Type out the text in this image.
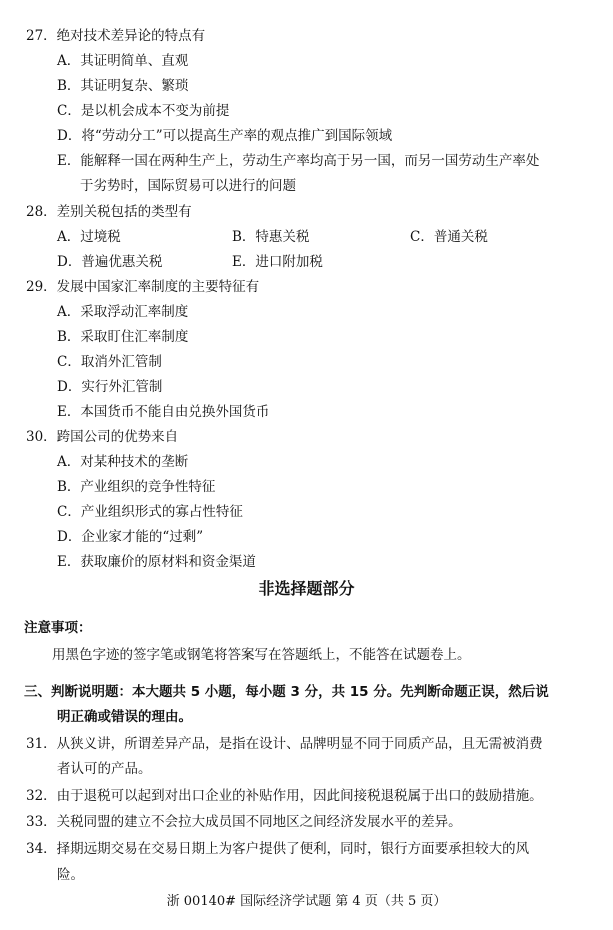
27．绝对技术差异论的特点有
A．其证明简单、直观
B．其证明复杂、繁琐
C．是以机会成本不变为前提
D．将“劳动分工”可以提高生产率的观点推广到国际领域
E．能解释一国在两种生产上，劳动生产率均高于另一国，而另一国劳动生产率处
于劣势时，国际贸易可以进行的问题
28．差别关税包括的类型有
A．过境税	B．特惠关税	C．普通关税
D．普遍优惠关税	E．进口附加税
29．发展中国家汇率制度的主要特征有
A．采取浮动汇率制度
B．采取盯住汇率制度
C．取消外汇管制
D．实行外汇管制
E．本国货币不能自由兑换外国货币
30．跨国公司的优势来自
A．对某种技术的垄断
B．产业组织的竞争性特征
C．产业组织形式的寡占性特征
D．企业家才能的“过剩”
E．获取廉价的原材料和资金渠道
非选择题部分
注意事项：
用黑色字迹的签字笔或钢笔将答案写在答题纸上，不能答在试题卷上。
三、判断说明题：本大题共 5 小题，每小题 3 分，共 15 分。先判断命题正误，然后说
明正确或错误的理由。
31．从狭义讲，所谓差异产品，是指在设计、品牌明显不同于同质产品，且无需被消费
者认可的产品。
32．由于退税可以起到对出口企业的补贴作用，因此间接税退税属于出口的鼓励措施。
33．关税同盟的建立不会拉大成员国不同地区之间经济发展水平的差异。
34．择期远期交易在交易日期上为客户提供了便利，同时，银行方面要承担较大的风
险。
浙 00140# 国际经济学试题 第 4 页（共 5 页）
